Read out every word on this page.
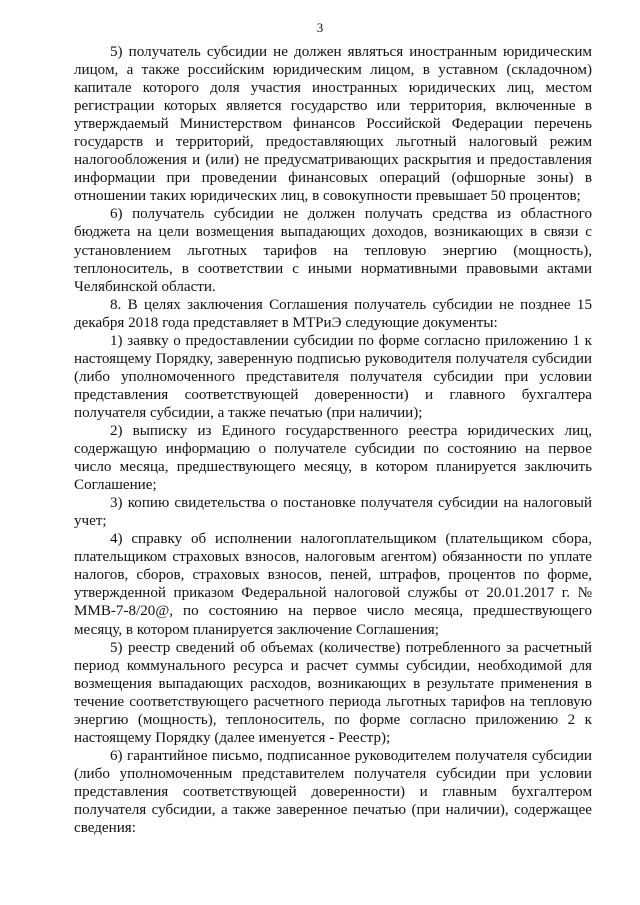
3

5) получатель субсидии не должен являться иностранным юридическим лицом, а также российским юридическим лицом, в уставном (складочном) капитале которого доля участия иностранных юридических лиц, местом регистрации которых является государство или территория, включенные в утверждаемый Министерством финансов Российской Федерации перечень государств и территорий, предоставляющих льготный налоговый режим налогообложения и (или) не предусматривающих раскрытия и предоставления информации при проведении финансовых операций (офшорные зоны) в отношении таких юридических лиц, в совокупности превышает 50 процентов;

6) получатель субсидии не должен получать средства из областного бюджета на цели возмещения выпадающих доходов, возникающих в связи с установлением льготных тарифов на тепловую энергию (мощность), теплоноситель, в соответствии с иными нормативными правовыми актами Челябинской области.

8. В целях заключения Соглашения получатель субсидии не позднее 15 декабря 2018 года представляет в МТРиЭ следующие документы:

1) заявку о предоставлении субсидии по форме согласно приложению 1 к настоящему Порядку, заверенную подписью руководителя получателя субсидии (либо уполномоченного представителя получателя субсидии при условии представления соответствующей доверенности) и главного бухгалтера получателя субсидии, а также печатью (при наличии);

2) выписку из Единого государственного реестра юридических лиц, содержащую информацию о получателе субсидии по состоянию на первое число месяца, предшествующего месяцу, в котором планируется заключить Соглашение;

3) копию свидетельства о постановке получателя субсидии на налоговый учет;

4) справку об исполнении налогоплательщиком (плательщиком сбора, плательщиком страховых взносов, налоговым агентом) обязанности по уплате налогов, сборов, страховых взносов, пеней, штрафов, процентов по форме, утвержденной приказом Федеральной налоговой службы от 20.01.2017 г. № ММВ-7-8/20@, по состоянию на первое число месяца, предшествующего месяцу, в котором планируется заключение Соглашения;

5) реестр сведений об объемах (количестве) потребленного за расчетный период коммунального ресурса и расчет суммы субсидии, необходимой для возмещения выпадающих расходов, возникающих в результате применения в течение соответствующего расчетного периода льготных тарифов на тепловую энергию (мощность), теплоноситель, по форме согласно приложению 2 к настоящему Порядку (далее именуется - Реестр);

6) гарантийное письмо, подписанное руководителем получателя субсидии (либо уполномоченным представителем получателя субсидии при условии представления соответствующей доверенности) и главным бухгалтером получателя субсидии, а также заверенное печатью (при наличии), содержащее сведения:
